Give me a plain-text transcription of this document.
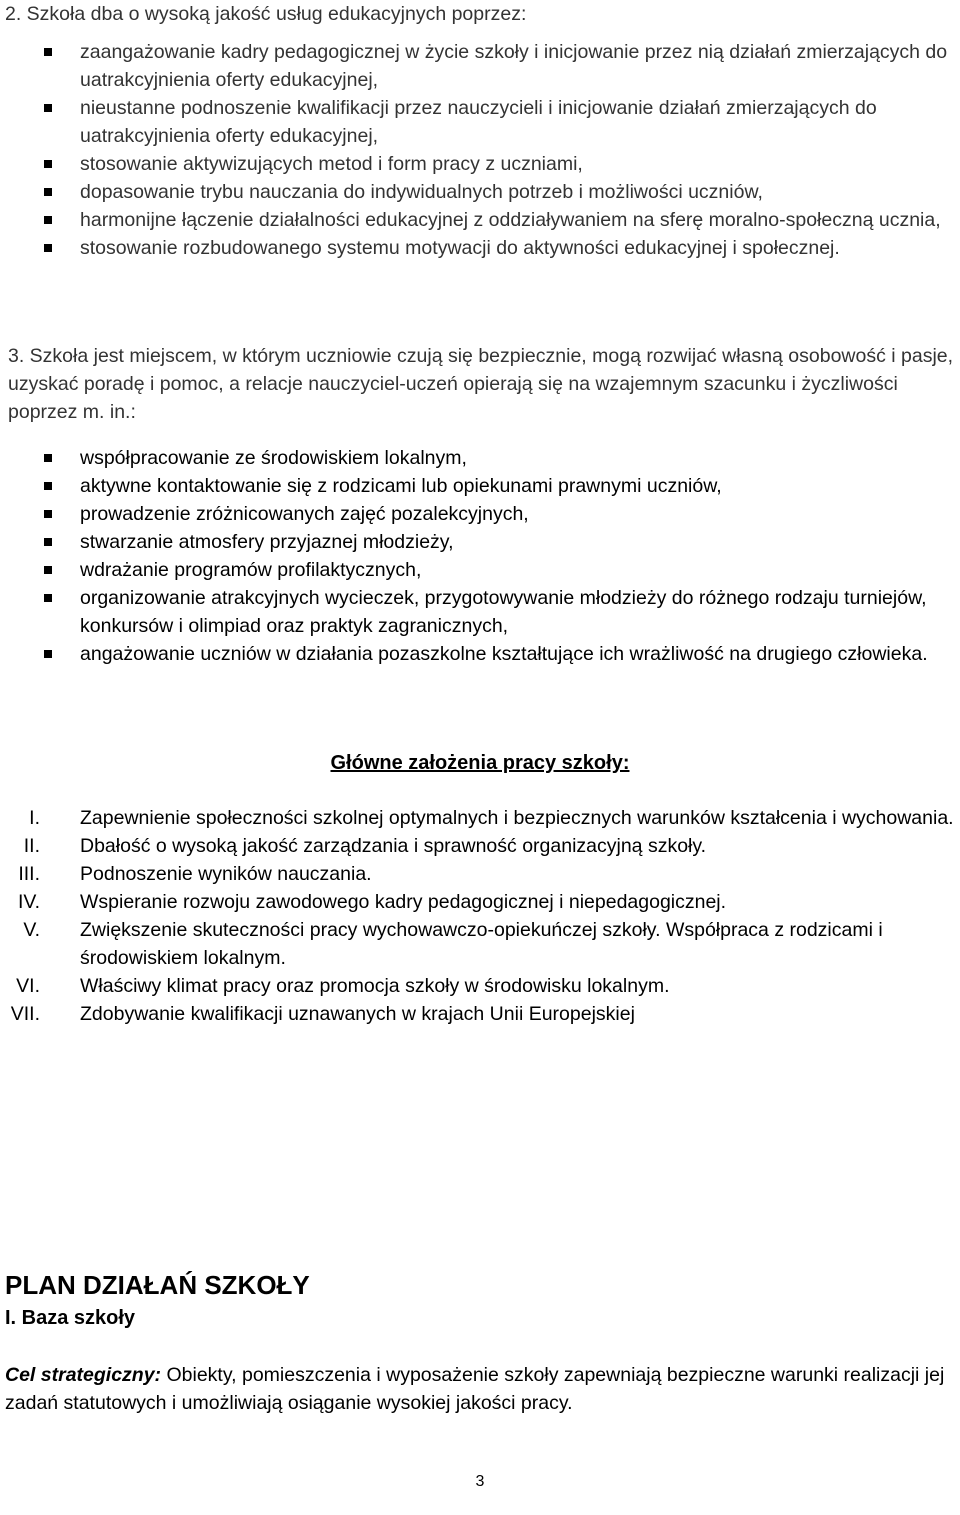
2. Szkoła dba o wysoką jakość usług edukacyjnych poprzez:
zaangażowanie kadry pedagogicznej w życie szkoły i inicjowanie przez nią działań zmierzających do uatrakcyjnienia oferty edukacyjnej,
nieustanne podnoszenie kwalifikacji przez nauczycieli i inicjowanie działań zmierzających do uatrakcyjnienia oferty edukacyjnej,
stosowanie aktywizujących metod i form pracy z uczniami,
dopasowanie trybu nauczania do indywidualnych potrzeb i możliwości uczniów,
harmonijne łączenie działalności edukacyjnej z oddziaływaniem na sferę moralno-społeczną ucznia,
stosowanie rozbudowanego systemu motywacji do aktywności edukacyjnej i społecznej.
3. Szkoła jest miejscem, w którym uczniowie czują się bezpiecznie, mogą rozwijać własną osobowość i pasje, uzyskać poradę i pomoc, a relacje nauczyciel-uczeń opierają się na wzajemnym szacunku i życzliwości poprzez m. in.:
współpracowanie ze środowiskiem lokalnym,
aktywne kontaktowanie się z rodzicami lub opiekunami prawnymi uczniów,
prowadzenie zróżnicowanych zajęć pozalekcyjnych,
stwarzanie atmosfery przyjaznej młodzieży,
wdrażanie programów profilaktycznych,
organizowanie atrakcyjnych wycieczek, przygotowywanie młodzieży do różnego rodzaju turniejów, konkursów i olimpiad oraz praktyk zagranicznych,
angażowanie uczniów w działania pozaszkolne kształtujące ich wrażliwość na drugiego człowieka.
Główne założenia pracy szkoły:
I. Zapewnienie społeczności szkolnej optymalnych i bezpiecznych warunków kształcenia i wychowania.
II. Dbałość o wysoką jakość zarządzania i sprawność organizacyjną szkoły.
III. Podnoszenie wyników nauczania.
IV. Wspieranie rozwoju zawodowego kadry pedagogicznej i niepedagogicznej.
V. Zwiększenie skuteczności pracy wychowawczo-opiekuńczej szkoły. Współpraca z rodzicami i środowiskiem lokalnym.
VI. Właściwy klimat pracy oraz promocja szkoły w środowisku lokalnym.
VII. Zdobywanie kwalifikacji uznawanych w krajach Unii Europejskiej
PLAN DZIAŁAŃ SZKOŁY
I. Baza szkoły
Cel strategiczny: Obiekty, pomieszczenia i wyposażenie szkoły zapewniają bezpieczne warunki realizacji jej zadań statutowych i umożliwiają osiąganie wysokiej jakości pracy.
3
